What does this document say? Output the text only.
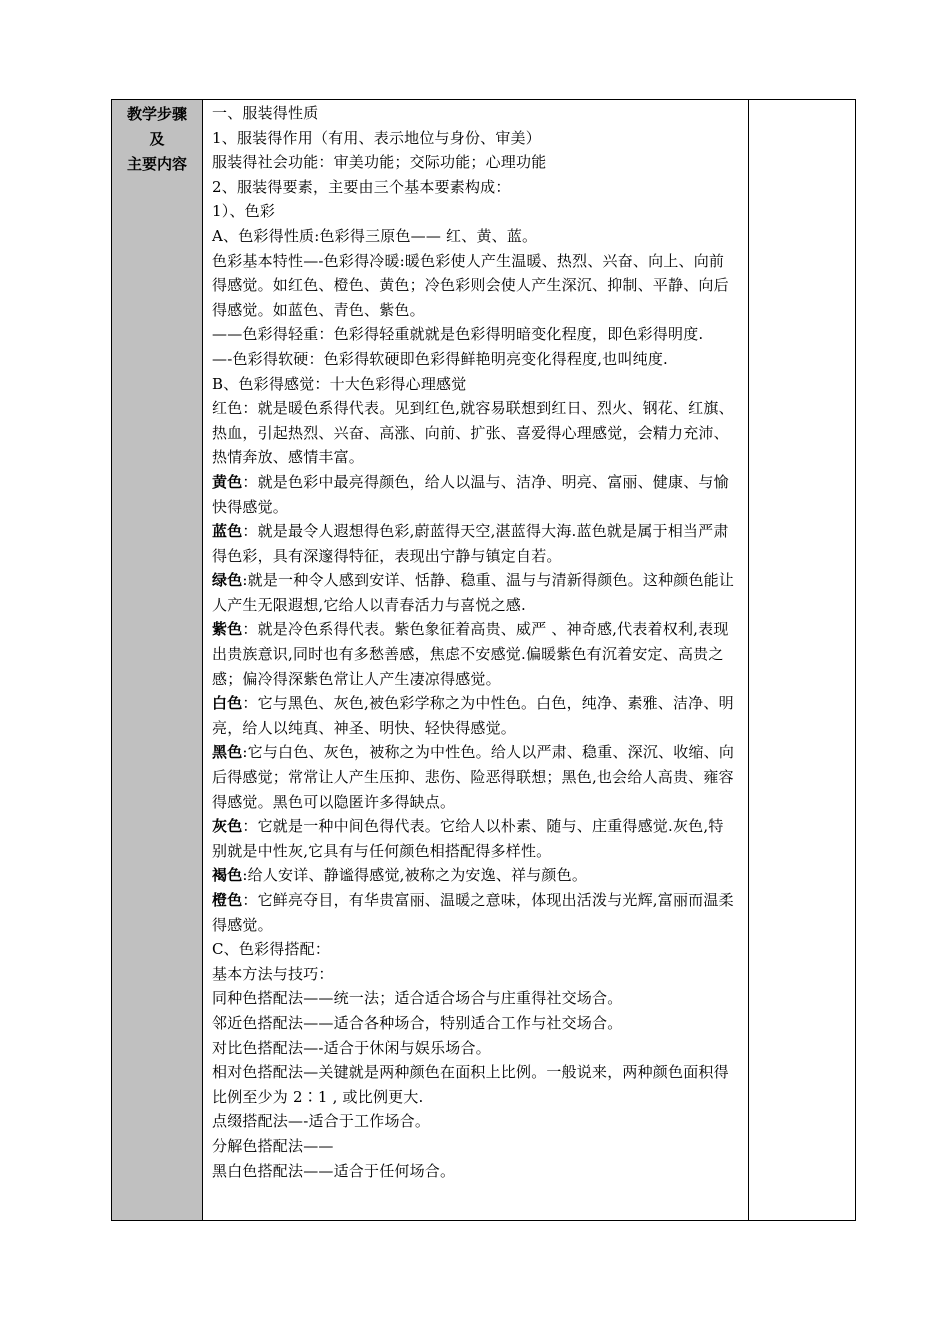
教学步骤
及
主要内容

一、服装得性质

1、服装得作用（有用、表示地位与身份、审美）

服装得社会功能：审美功能；交际功能；心理功能

2、服装得要素，主要由三个基本要素构成：

1）、色彩

A、色彩得性质:色彩得三原色—— 红、黄、蓝。

色彩基本特性—-色彩得冷暖:暖色彩使人产生温暖、热烈、兴奋、向上、向前得感觉。如红色、橙色、黄色；冷色彩则会使人产生深沉、抑制、平静、向后得感觉。如蓝色、青色、紫色。

——色彩得轻重：色彩得轻重就就是色彩得明暗变化程度，即色彩得明度.

—-色彩得软硬：色彩得软硬即色彩得鲜艳明亮变化得程度,也叫纯度.

B、色彩得感觉：十大色彩得心理感觉

红色：就是暖色系得代表。见到红色,就容易联想到红日、烈火、钢花、红旗、热血，引起热烈、兴奋、高涨、向前、扩张、喜爱得心理感觉，会精力充沛、热情奔放、感情丰富。

黄色：就是色彩中最亮得颜色，给人以温与、洁净、明亮、富丽、健康、与愉快得感觉。

蓝色：就是最令人遐想得色彩,蔚蓝得天空,湛蓝得大海.蓝色就是属于相当严肃得色彩，具有深邃得特征，表现出宁静与镇定自若。

绿色:就是一种令人感到安详、恬静、稳重、温与与清新得颜色。这种颜色能让人产生无限遐想,它给人以青春活力与喜悦之感.

紫色：就是冷色系得代表。紫色象征着高贵、威严 、神奇感,代表着权利,表现出贵族意识,同时也有多愁善感，焦虑不安感觉.偏暖紫色有沉着安定、高贵之感；偏冷得深紫色常让人产生凄凉得感觉。

白色：它与黑色、灰色,被色彩学称之为中性色。白色，纯净、素雅、洁净、明亮，给人以纯真、神圣、明快、轻快得感觉。

黑色:它与白色、灰色，被称之为中性色。给人以严肃、稳重、深沉、收缩、向后得感觉；常常让人产生压抑、悲伤、险恶得联想；黑色,也会给人高贵、雍容得感觉。黑色可以隐匿许多得缺点。

灰色：它就是一种中间色得代表。它给人以朴素、随与、庄重得感觉.灰色,特别就是中性灰,它具有与任何颜色相搭配得多样性。

褐色:给人安详、静谧得感觉,被称之为安逸、祥与颜色。

橙色：它鲜亮夺目，有华贵富丽、温暖之意味，体现出活泼与光辉,富丽而温柔得感觉。

C、色彩得搭配：

基本方法与技巧：

同种色搭配法——统一法；适合适合场合与庄重得社交场合。

邻近色搭配法——适合各种场合，特别适合工作与社交场合。

对比色搭配法—-适合于休闲与娱乐场合。

相对色搭配法—关键就是两种颜色在面积上比例。一般说来，两种颜色面积得比例至少为 2∶1 , 或比例更大.

点缀搭配法—-适合于工作场合。

分解色搭配法——

黑白色搭配法——适合于任何场合。
